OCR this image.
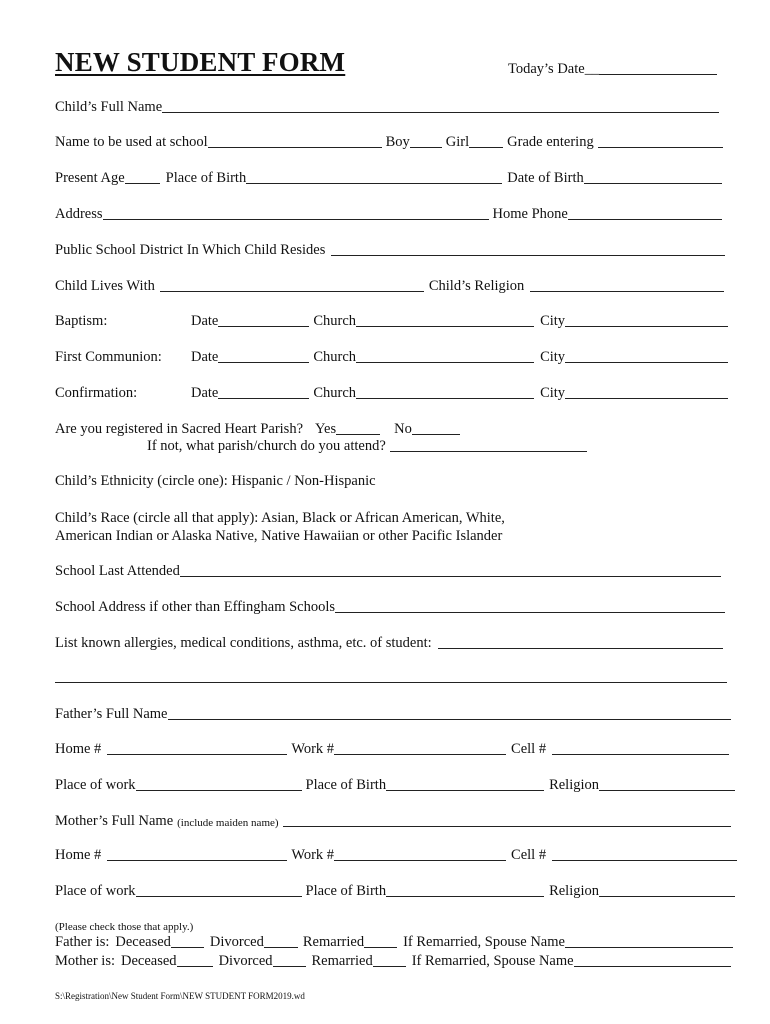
NEW STUDENT FORM	Today’s Date__
Child’s Full Name
Name to be used at school	Boy Girl	Grade entering
Present Age	Place of Birth	Date of Birth
Address	Home Phone
Public School District In Which Child Resides
Child Lives With	Child’s Religion
Baptism:	Date	Church	City
First Communion:	Date	Church	City
Confirmation:	Date	Church	City
Are you registered in Sacred Heart Parish? Yes	No
If not, what parish/church do you attend?
Child’s Ethnicity (circle one): Hispanic / Non-Hispanic
Child’s Race (circle all that apply): Asian, Black or African American, White,
American Indian or Alaska Native, Native Hawaiian or other Pacific Islander
School Last Attended
School Address if other than Effingham Schools
List known allergies, medical conditions, asthma, etc. of student:
Father’s Full Name
Home #	Work #	Cell #
Place of work	Place of Birth	Religion
Mother’s Full Name (include maiden name)
Home #	Work #	Cell #
Place of work	Place of Birth	Religion
(Please check those that apply.)
Father is: Deceased	Divorced	Remarried	If Remarried, Spouse Name
Mother is: Deceased	Divorced	Remarried	If Remarried, Spouse Name
S:\Registration\New Student Form\NEW STUDENT FORM2019.wd
